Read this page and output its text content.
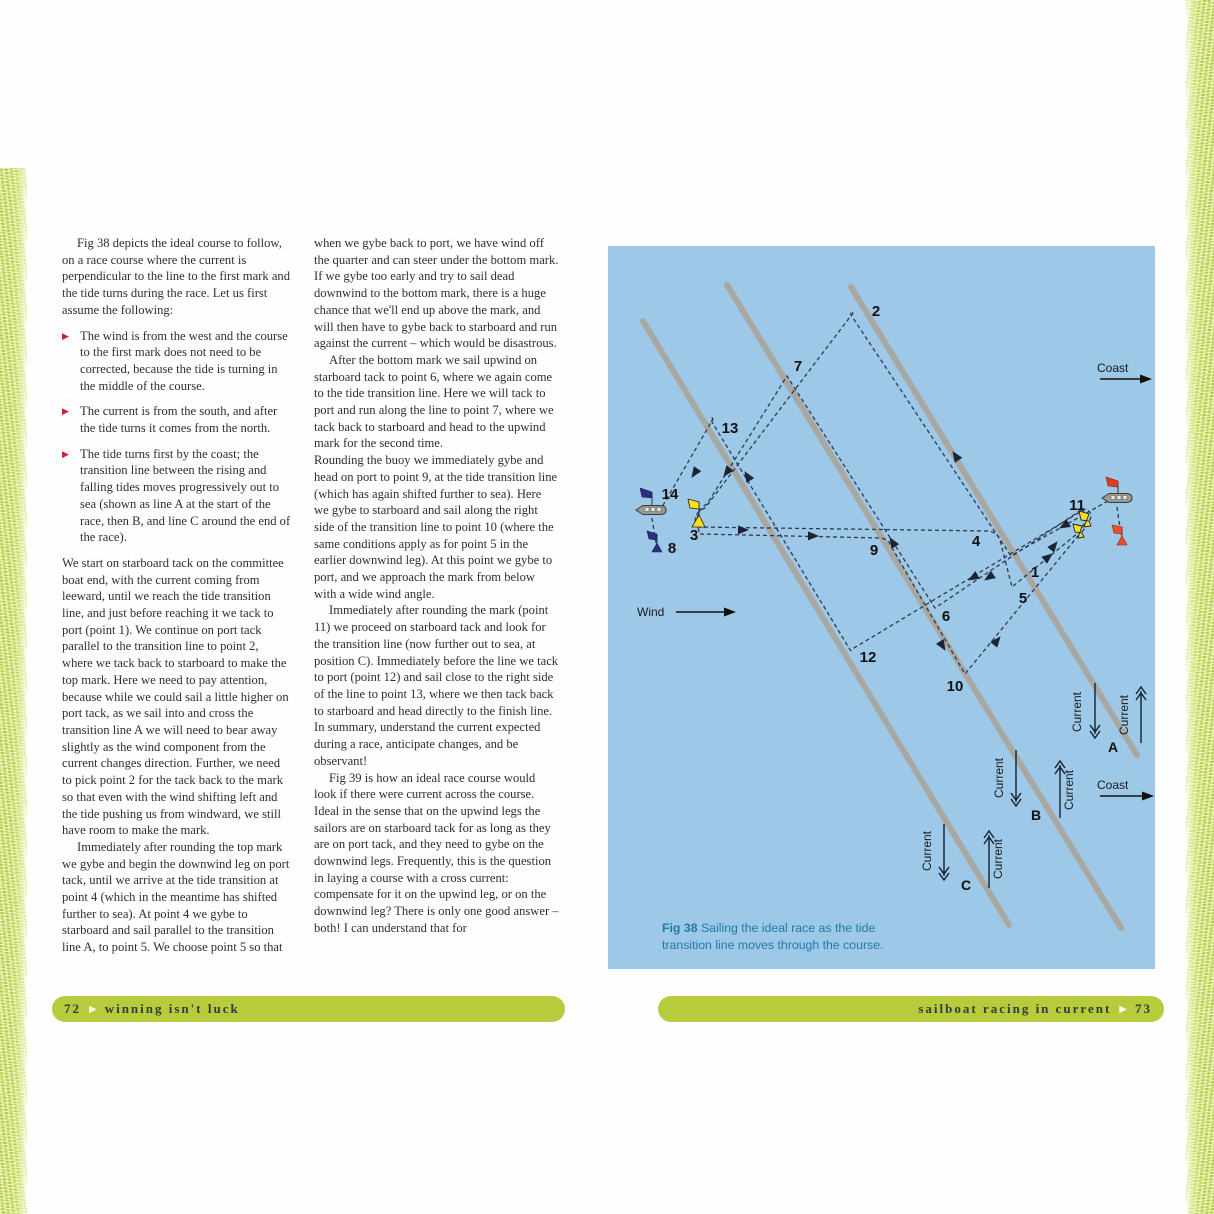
Fig 38 depicts the ideal course to follow, on a race course where the current is perpendicular to the line to the first mark and the tide turns during the race. Let us first assume the following:

▶ The wind is from the west and the course to the first mark does not need to be corrected, because the tide is turning in the middle of the course.
▶ The current is from the south, and after the tide turns it comes from the north.
▶ The tide turns first by the coast; the transition line between the rising and falling tides moves progressively out to sea (shown as line A at the start of the race, then B, and line C around the end of the race).

We start on starboard tack on the committee boat end, with the current coming from leeward, until we reach the tide transition line, and just before reaching it we tack to port (point 1). We continue on port tack parallel to the transition line to point 2, where we tack back to starboard to make the top mark. Here we need to pay attention, because while we could sail a little higher on port tack, as we sail into and cross the transition line A we will need to bear away slightly as the wind component from the current changes direction. Further, we need to pick point 2 for the tack back to the mark so that even with the wind shifting left and the tide pushing us from windward, we still have room to make the mark.

Immediately after rounding the top mark we gybe and begin the downwind leg on port tack, until we arrive at the tide transition at point 4 (which in the meantime has shifted further to sea). At point 4 we gybe to starboard and sail parallel to the transition line A, to point 5. We choose point 5 so that

when we gybe back to port, we have wind off the quarter and can steer under the bottom mark. If we gybe too early and try to sail dead downwind to the bottom mark, there is a huge chance that we'll end up above the mark, and will then have to gybe back to starboard and run against the current – which would be disastrous.

After the bottom mark we sail upwind on starboard tack to point 6, where we again come to the tide transition line. Here we will tack to port and run along the line to point 7, where we tack back to starboard and head to the upwind mark for the second time.

Rounding the buoy we immediately gybe and head on port to point 9, at the tide transition line (which has again shifted further to sea). Here we gybe to starboard and sail along the right side of the transition line to point 10 (where the same conditions apply as for point 5 in the earlier downwind leg). At this point we gybe to port, and we approach the mark from below with a wide wind angle.

Immediately after rounding the mark (point 11) we proceed on starboard tack and look for the transition line (now further out to sea, at position C). Immediately before the line we tack to port (point 12) and sail close to the right side of the line to point 13, where we then tack back to starboard and head directly to the finish line. In summary, understand the current expected during a race, anticipate changes, and be observant!

Fig 39 is how an ideal race course would look if there were current across the course. Ideal in the sense that on the upwind legs the sailors are on starboard tack for as long as they are on port tack, and they need to gybe on the downwind legs. Frequently, this is the question in laying a course with a cross current: compensate for it on the upwind leg, or on the downwind leg? There is only one good answer – both! I can understand that for

1
2
3	4
5
6
7
8	9
10
11
12
13
14
Wind
Coast
Coast
A
B
C
Current	Current
Current	Current
Current	Current
Fig 38 Sailing the ideal race as the tide transition line moves through the course.
72 ▶ winning isn't luck	sailboat racing in current ▶ 73
